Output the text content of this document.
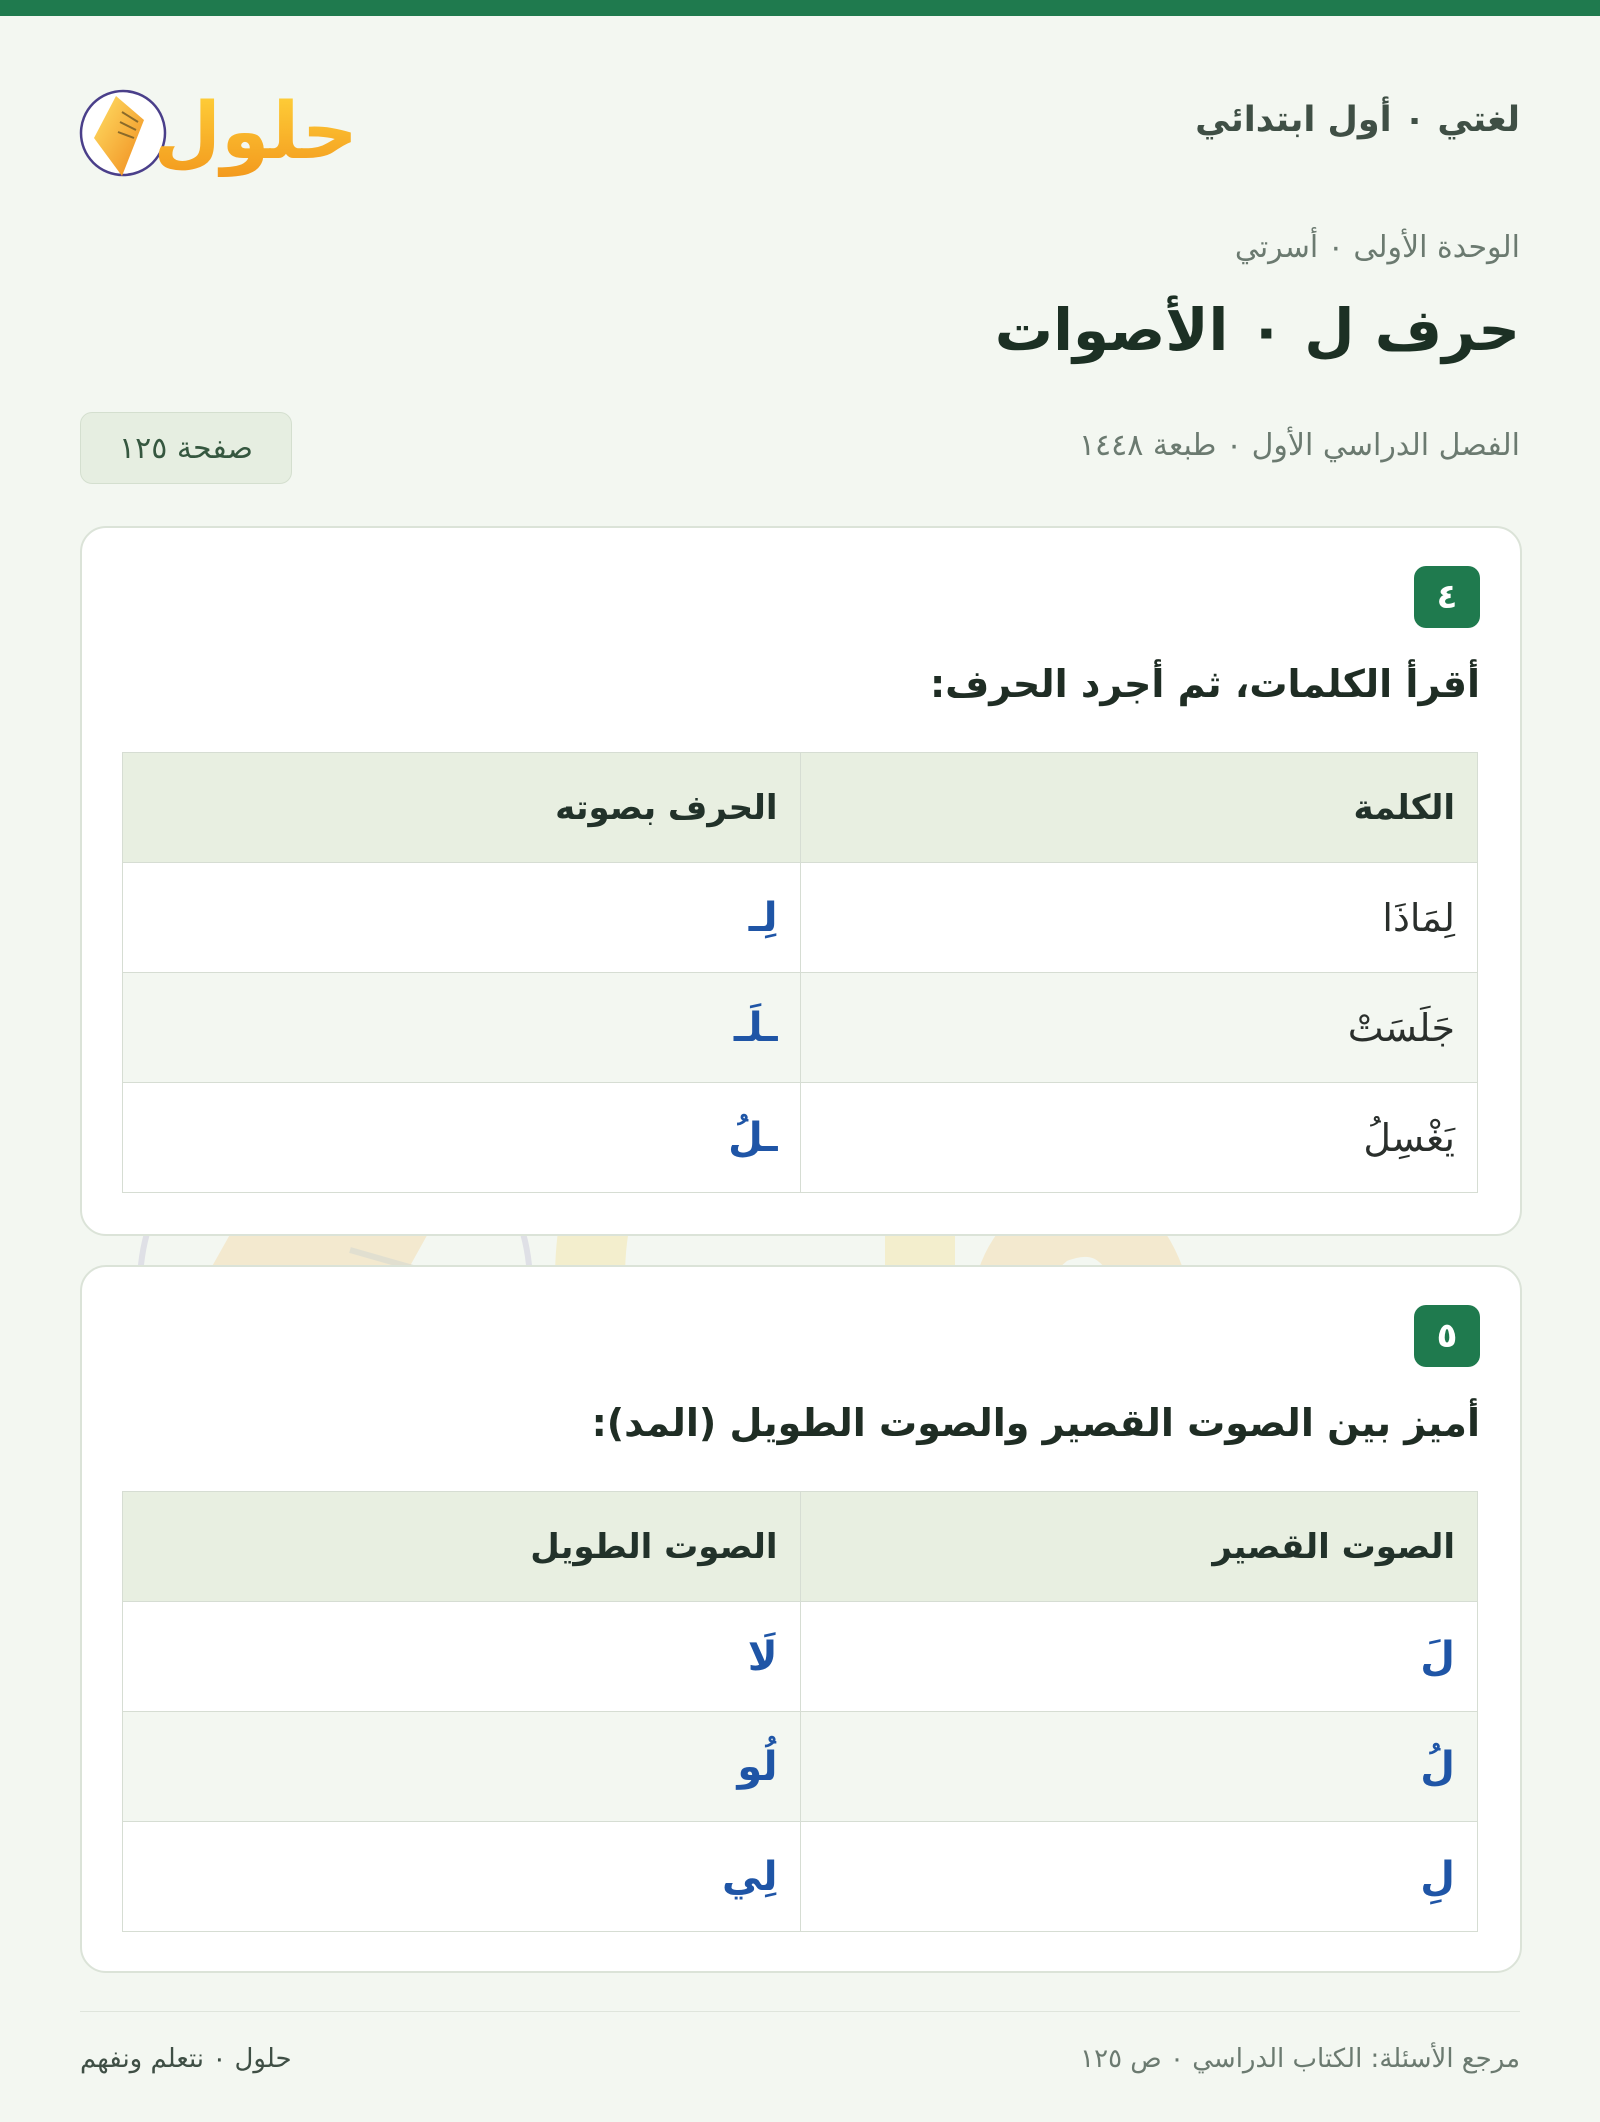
حلول	لغتي ٠ أول ابتدائي
الوحدة الأولى ٠ أسرتي
حرف ل ٠ الأصوات
الفصل الدراسي الأول ٠ طبعة ١٤٤٨
صفحة ١٢٥
٤
أقرأ الكلمات، ثم أجرد الحرف:
الكلمة	الحرف بصوته
لِمَاذَا	لِـ
جَلَسَتْ	ـلَـ
يَغْسِلُ	ـلُ
٥
أميز بين الصوت القصير والصوت الطويل (المد):
الصوت القصير	الصوت الطويل
لَ	لَا
لُ	لُو
لِ	لِي
مرجع الأسئلة: الكتاب الدراسي ٠ ص ١٢٥
حلول ٠ نتعلم ونفهم
